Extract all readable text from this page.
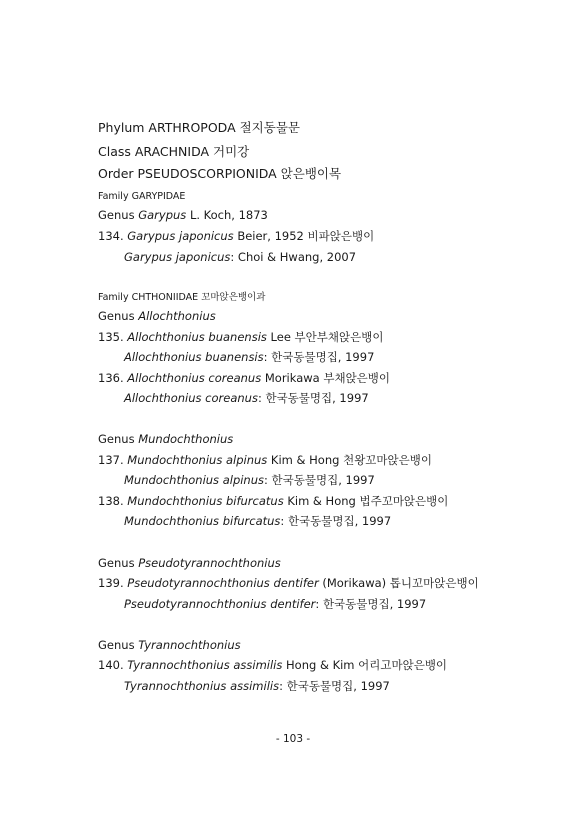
Phylum ARTHROPODA 절지동물문
Class ARACHNIDA 거미강
Order PSEUDOSCORPIONIDA 앉은뱅이목
Family GARYPIDAE
Genus Garypus L. Koch, 1873
134. Garypus japonicus Beier, 1952 비파앉은뱅이
Garypus japonicus: Choi & Hwang, 2007
Family CHTHONIIDAE 꼬마앉은뱅이과
Genus Allochthonius
135. Allochthonius buanensis Lee 부안부채앉은뱅이
Allochthonius buanensis: 한국동물명집, 1997
136. Allochthonius coreanus Morikawa 부채앉은뱅이
Allochthonius coreanus: 한국동물명집, 1997
Genus Mundochthonius
137. Mundochthonius alpinus Kim & Hong 천왕꼬마앉은뱅이
Mundochthonius alpinus: 한국동물명집, 1997
138. Mundochthonius bifurcatus Kim & Hong 법주꼬마앉은뱅이
Mundochthonius bifurcatus: 한국동물명집, 1997
Genus Pseudotyrannochthonius
139. Pseudotyrannochthonius dentifer (Morikawa) 톱니꼬마앉은뱅이
Pseudotyrannochthonius dentifer: 한국동물명집, 1997
Genus Tyrannochthonius
140. Tyrannochthonius assimilis Hong & Kim 어리고마앉은뱅이
Tyrannochthonius assimilis: 한국동물명집, 1997
- 103 -
